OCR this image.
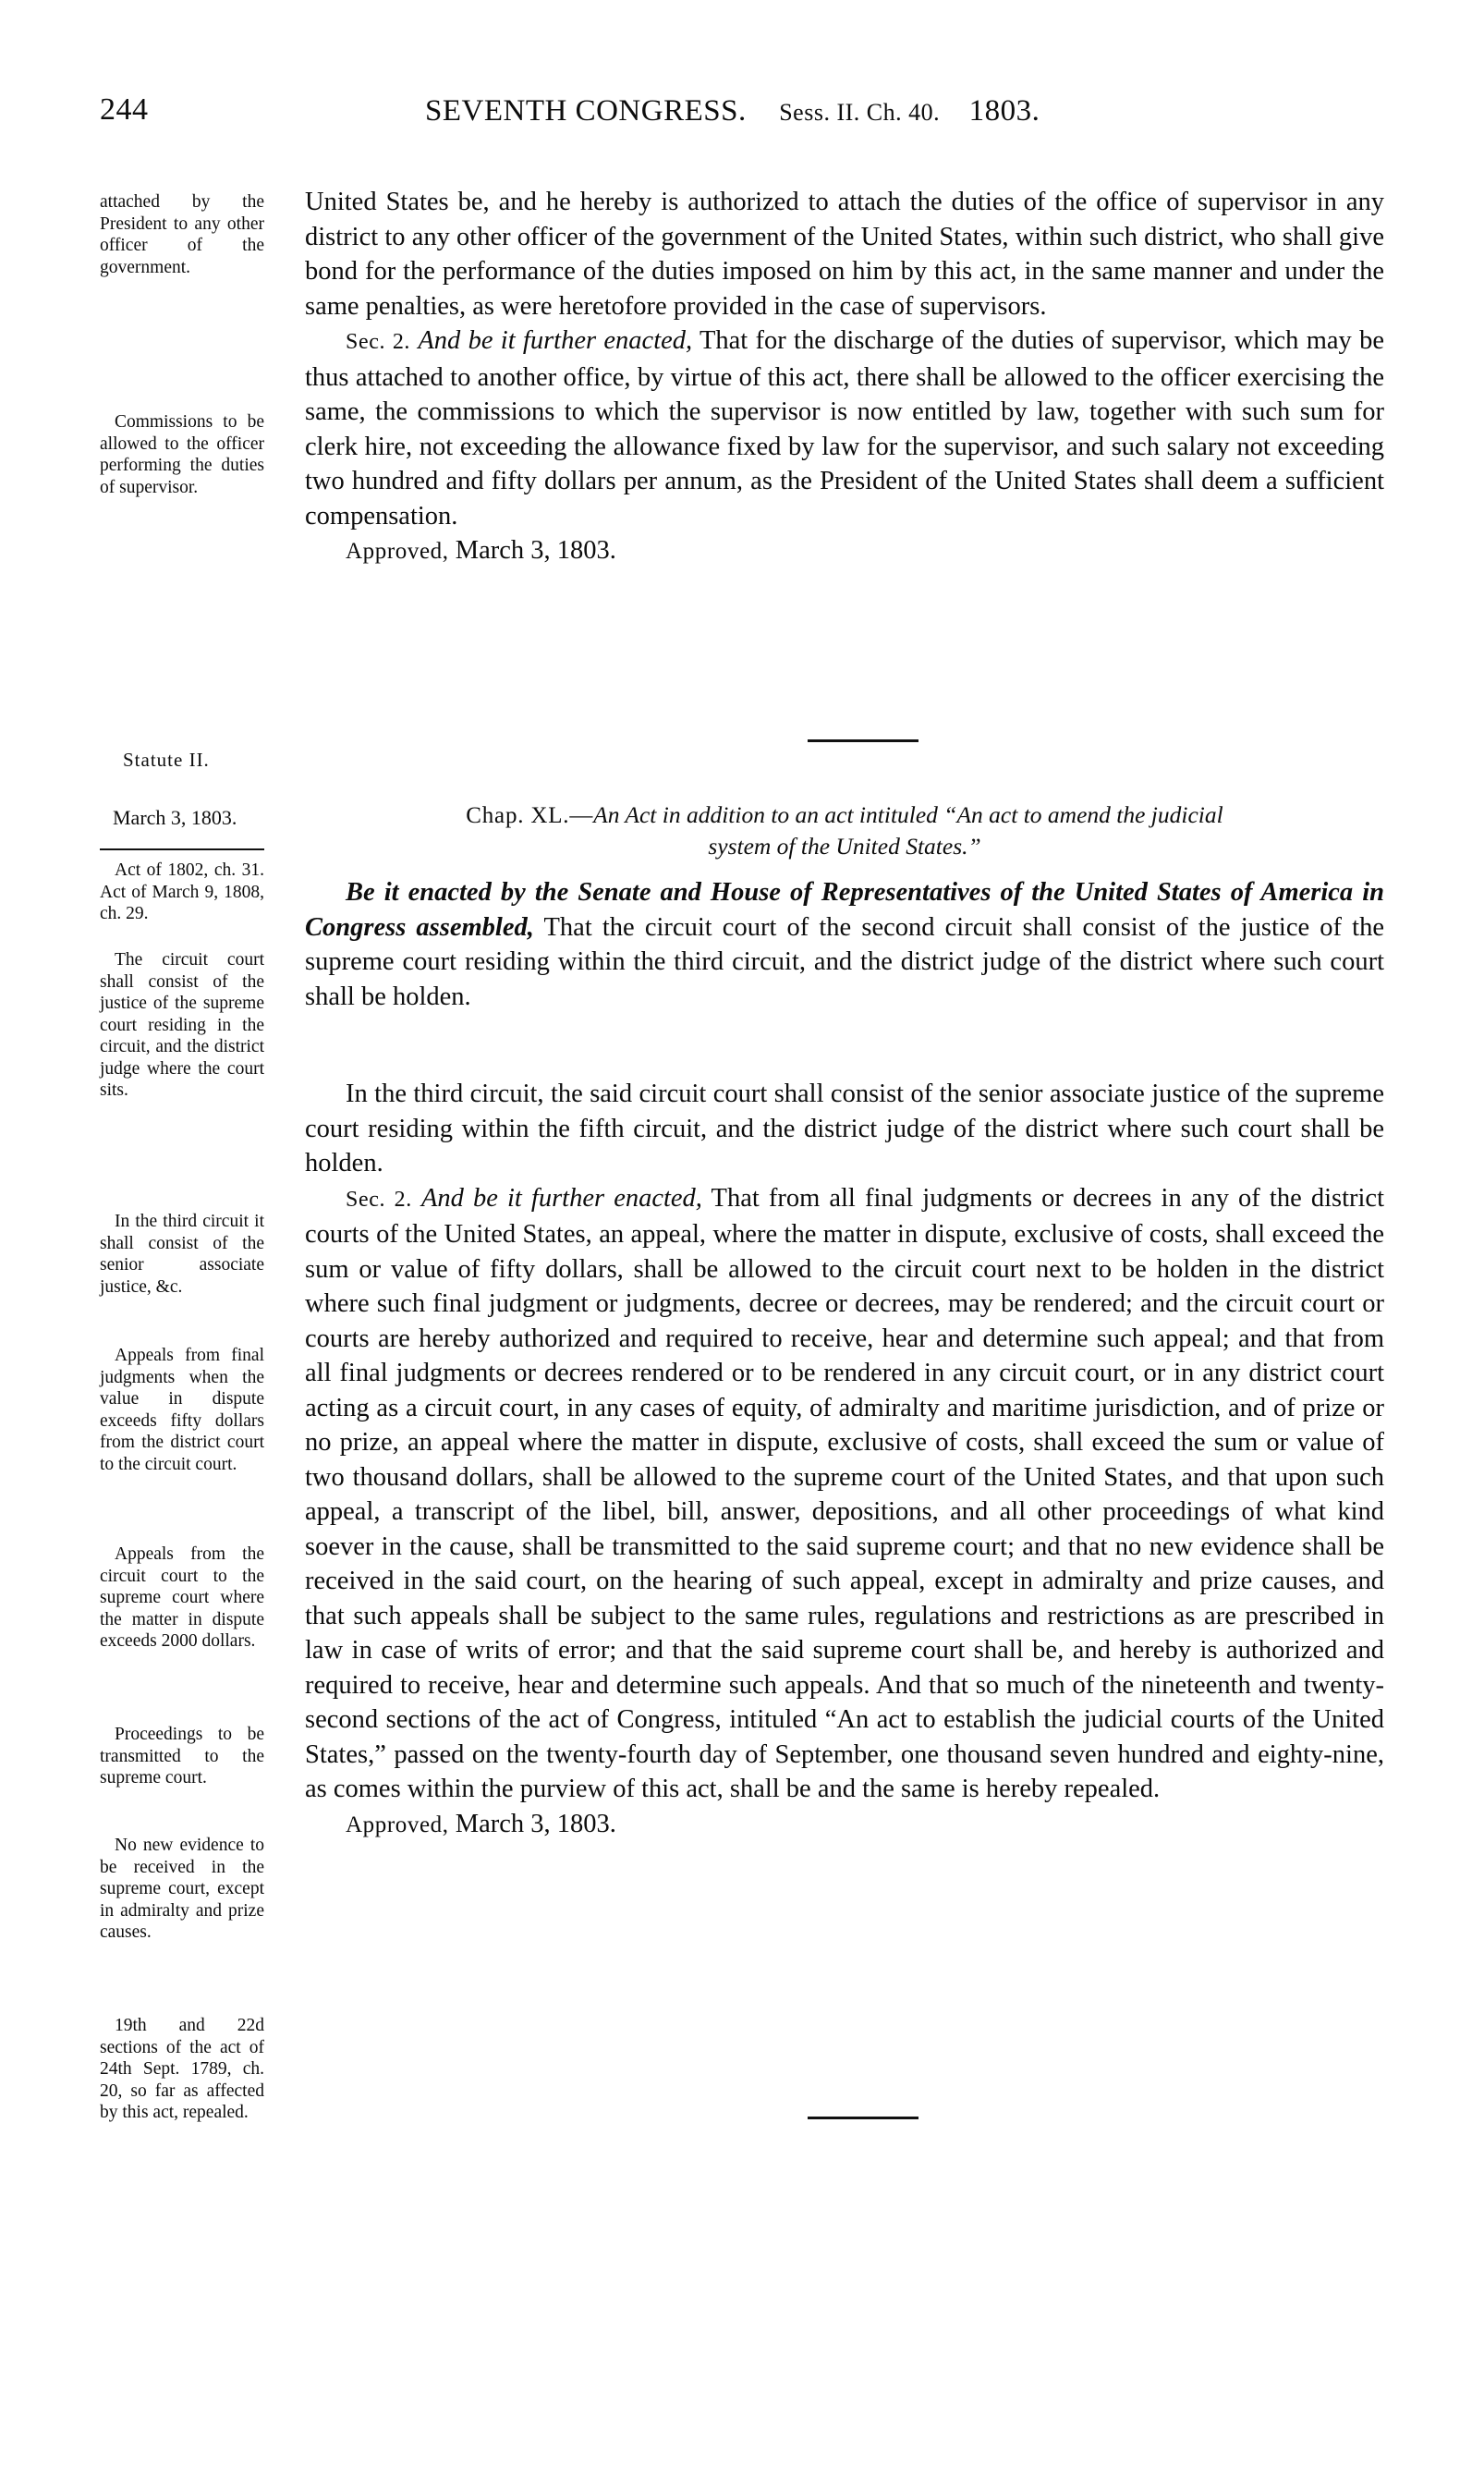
244	SEVENTH CONGRESS. Sess. II. Ch. 40. 1803.

attached by the President to any other officer of the government.

Commissions to be allowed to the officer performing the duties of supervisor.

United States be, and he hereby is authorized to attach the duties of the office of supervisor in any district to any other officer of the government of the United States, within such district, who shall give bond for the performance of the duties imposed on him by this act, in the same manner and under the same penalties, as were heretofore provided in the case of supervisors.

Sec. 2. And be it further enacted, That for the discharge of the duties of supervisor, which may be thus attached to another office, by virtue of this act, there shall be allowed to the officer exercising the same, the commissions to which the supervisor is now entitled by law, together with such sum for clerk hire, not exceeding the allowance fixed by law for the supervisor, and such salary not exceeding two hundred and fifty dollars per annum, as the President of the United States shall deem a sufficient compensation.

Approved, March 3, 1803.

Statute II.
March 3, 1803.	Chap. XL.—An Act in addition to an act intituled “An act to amend the judicial
system of the United States.”
Be it enacted by the Senate and House of Representatives of the United States of America in Congress assembled, That the circuit court of the second circuit shall consist of the justice of the supreme court residing within the third circuit, and the district judge of the district where such court shall be holden.

Act of 1802, ch. 31. Act of March 9, 1808, ch. 29.

The circuit court shall consist of the justice of the supreme court residing in the circuit, and the district judge where the court sits.

In the third circuit it shall consist of the senior associate justice, &c.

Appeals from final judgments when the value in dispute exceeds fifty dollars from the district court to the circuit court.

Appeals from the circuit court to the supreme court where the matter in dispute exceeds 2000 dollars.

Proceedings to be transmitted to the supreme court.

No new evidence to be received in the supreme court, except in admiralty and prize causes.

19th and 22d sections of the act of 24th Sept. 1789, ch. 20, so far as affected by this act, repealed.

In the third circuit, the said circuit court shall consist of the senior associate justice of the supreme court residing within the fifth circuit, and the district judge of the district where such court shall be holden.

Sec. 2. And be it further enacted, That from all final judgments or decrees in any of the district courts of the United States, an appeal, where the matter in dispute, exclusive of costs, shall exceed the sum or value of fifty dollars, shall be allowed to the circuit court next to be holden in the district where such final judgment or judgments, decree or decrees, may be rendered; and the circuit court or courts are hereby authorized and required to receive, hear and determine such appeal; and that from all final judgments or decrees rendered or to be rendered in any circuit court, or in any district court acting as a circuit court, in any cases of equity, of admiralty and maritime jurisdiction, and of prize or no prize, an appeal where the matter in dispute, exclusive of costs, shall exceed the sum or value of two thousand dollars, shall be allowed to the supreme court of the United States, and that upon such appeal, a transcript of the libel, bill, answer, depositions, and all other proceedings of what kind soever in the cause, shall be transmitted to the said supreme court; and that no new evidence shall be received in the said court, on the hearing of such appeal, except in admiralty and prize causes, and that such appeals shall be subject to the same rules, regulations and restrictions as are prescribed in law in case of writs of error; and that the said supreme court shall be, and hereby is authorized and required to receive, hear and determine such appeals. And that so much of the nineteenth and twenty-second sections of the act of Congress, intituled “An act to establish the judicial courts of the United States,” passed on the twenty-fourth day of September, one thousand seven hundred and eighty-nine, as comes within the purview of this act, shall be and the same is hereby repealed.

Approved, March 3, 1803.
